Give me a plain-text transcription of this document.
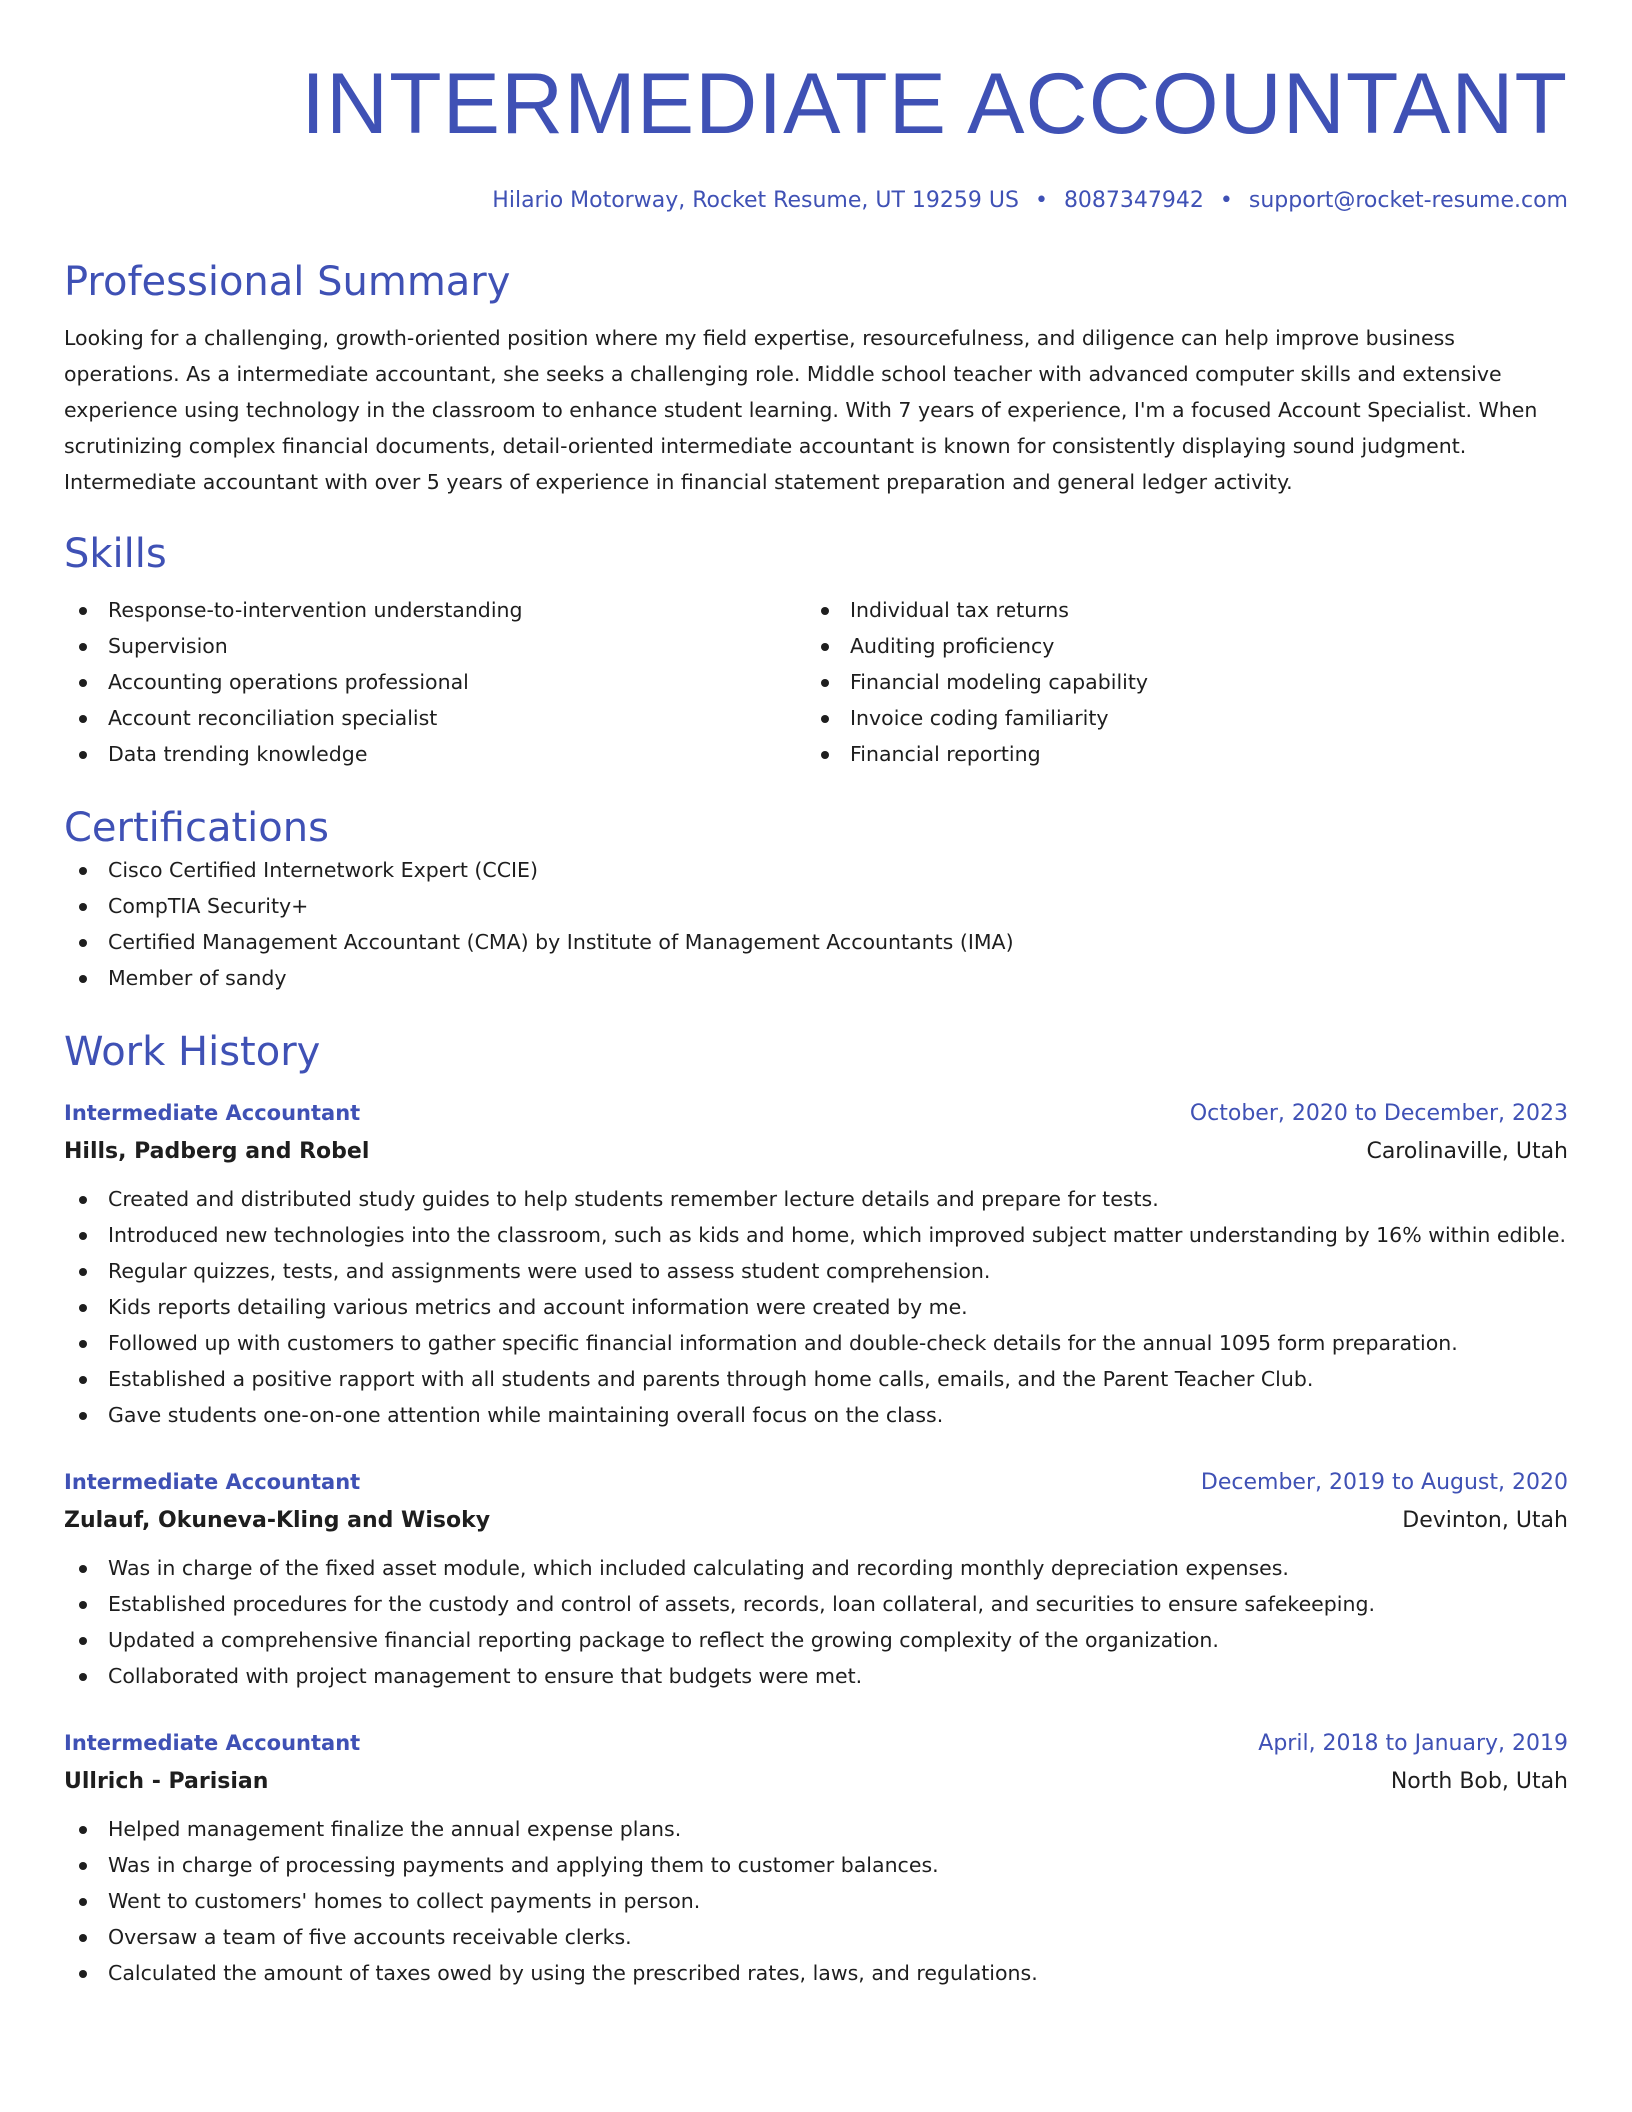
INTERMEDIATE ACCOUNTANT
Hilario Motorway, Rocket Resume, UT 19259 US • 8087347942 • support@rocket-resume.com
Professional Summary
Looking for a challenging, growth-oriented position where my field expertise, resourcefulness, and diligence can help improve business operations. As a intermediate accountant, she seeks a challenging role. Middle school teacher with advanced computer skills and extensive experience using technology in the classroom to enhance student learning. With 7 years of experience, I'm a focused Account Specialist. When scrutinizing complex financial documents, detail-oriented intermediate accountant is known for consistently displaying sound judgment. Intermediate accountant with over 5 years of experience in financial statement preparation and general ledger activity.
Skills
Response-to-intervention understanding
Supervision
Accounting operations professional
Account reconciliation specialist
Data trending knowledge
Individual tax returns
Auditing proficiency
Financial modeling capability
Invoice coding familiarity
Financial reporting
Certifications
Cisco Certified Internetwork Expert (CCIE)
CompTIA Security+
Certified Management Accountant (CMA) by Institute of Management Accountants (IMA)
Member of sandy
Work History
Intermediate Accountant	October, 2020 to December, 2023
Hills, Padberg and Robel	Carolinaville, Utah
Created and distributed study guides to help students remember lecture details and prepare for tests.
Introduced new technologies into the classroom, such as kids and home, which improved subject matter understanding by 16% within edible.
Regular quizzes, tests, and assignments were used to assess student comprehension.
Kids reports detailing various metrics and account information were created by me.
Followed up with customers to gather specific financial information and double-check details for the annual 1095 form preparation.
Established a positive rapport with all students and parents through home calls, emails, and the Parent Teacher Club.
Gave students one-on-one attention while maintaining overall focus on the class.
Intermediate Accountant	December, 2019 to August, 2020
Zulauf, Okuneva-Kling and Wisoky	Devinton, Utah
Was in charge of the fixed asset module, which included calculating and recording monthly depreciation expenses.
Established procedures for the custody and control of assets, records, loan collateral, and securities to ensure safekeeping.
Updated a comprehensive financial reporting package to reflect the growing complexity of the organization.
Collaborated with project management to ensure that budgets were met.
Intermediate Accountant	April, 2018 to January, 2019
Ullrich - Parisian	North Bob, Utah
Helped management finalize the annual expense plans.
Was in charge of processing payments and applying them to customer balances.
Went to customers' homes to collect payments in person.
Oversaw a team of five accounts receivable clerks.
Calculated the amount of taxes owed by using the prescribed rates, laws, and regulations.
